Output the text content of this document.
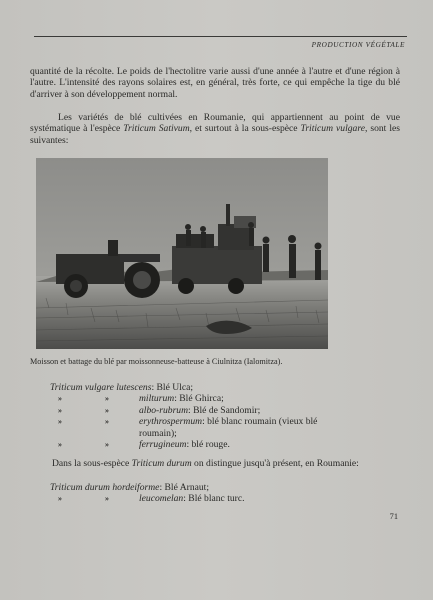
PRODUCTION VÉGÉTALE

quantité de la récolte. Le poids de l'hectolitre varie aussi d'une année à l'autre et d'une région à l'autre. L'intensité des rayons solaires est, en général, très forte, ce qui empêche la tige du blé d'arriver à son développement normal.

Les variétés de blé cultivées en Roumanie, qui appartiennent au point de vue systématique à l'espèce Triticum Sativum, et surtout à la sous-espèce Triticum vulgare, sont les suivantes:

Moisson et battage du blé par moissonneuse-batteuse à Ciulnitza (Ialomitza).

Triticum vulgare lutescens: Blé Ulca;
»	»	milturum: Blé Ghirca;
»	»	albo-rubrum: Blé de Sandomir;
»	»	erythrospermum: blé blanc roumain (vieux blé
roumain);
»	»	ferrugineum: blé rouge.

Dans la sous-espèce Triticum durum on distingue jusqu'à présent, en Roumanie:

Triticum durum hordeiforme: Blé Arnaut;
»	»	leucomelan: Blé blanc turc.
71
